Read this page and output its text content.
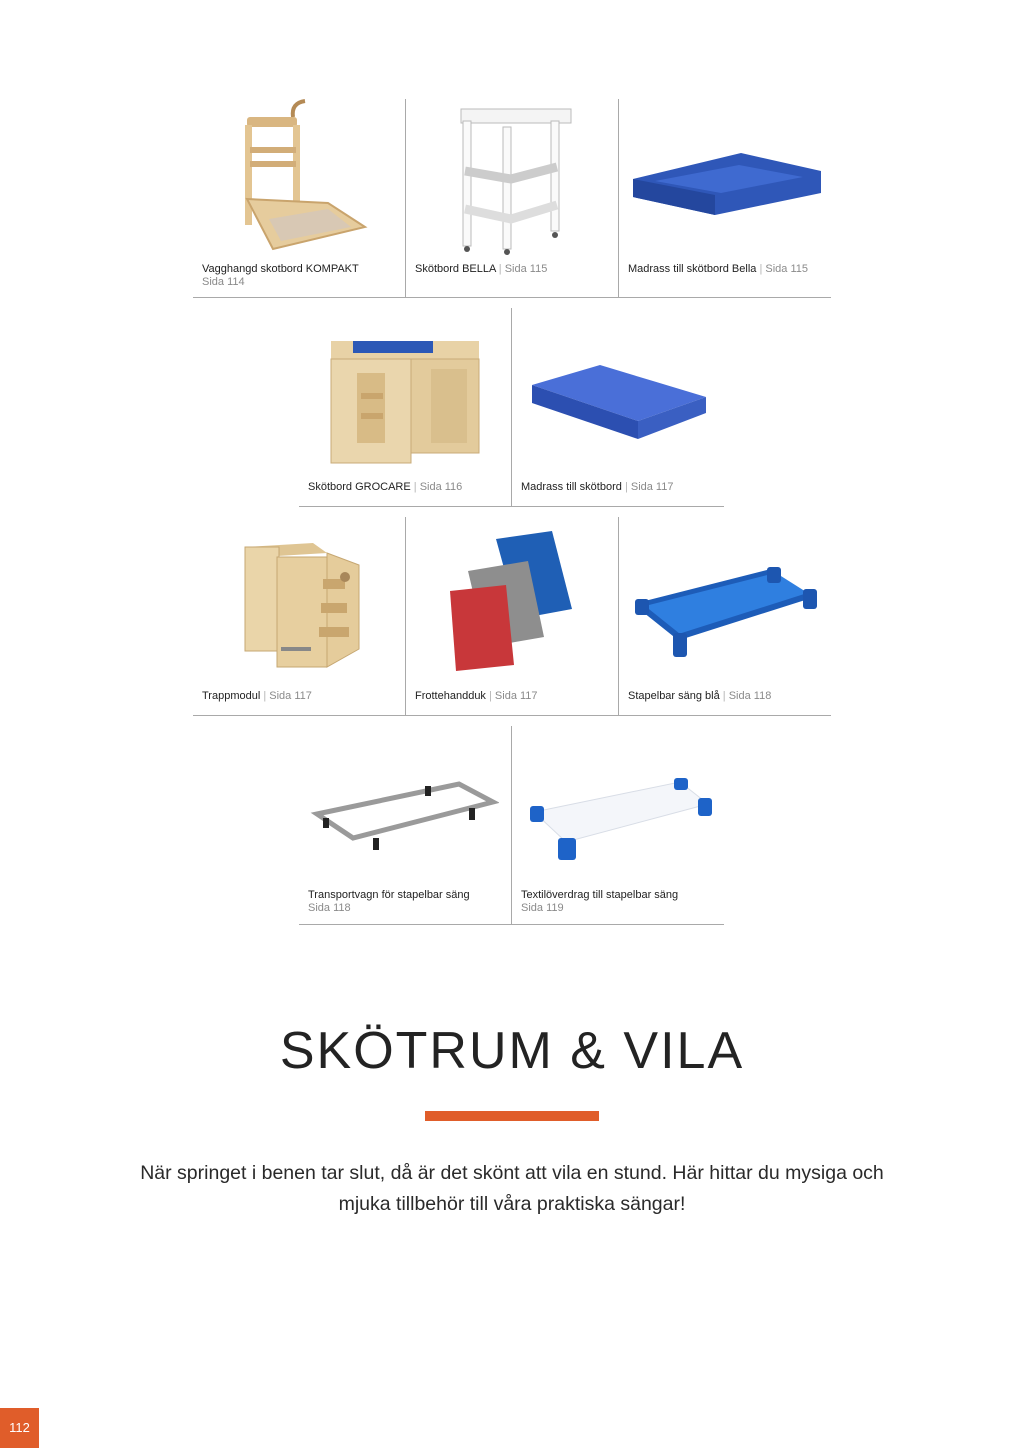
Vagghangd skotbord KOMPAKT
Sida 114
Skötbord BELLA | Sida 115	Madrass till skötbord Bella | Sida 115
Skötbord GROCARE | Sida 116	Madrass till skötbord | Sida 117
Trappmodul | Sida 117	Frottehandduk | Sida 117	Stapelbar säng blå | Sida 118
Transportvagn för stapelbar säng
Sida 118
Textilöverdrag till stapelbar säng
Sida 119
SKÖTRUM & VILA
När springet i benen tar slut, då är det skönt att vila en stund. Här hittar du mysiga och mjuka tillbehör till våra praktiska sängar!
112
